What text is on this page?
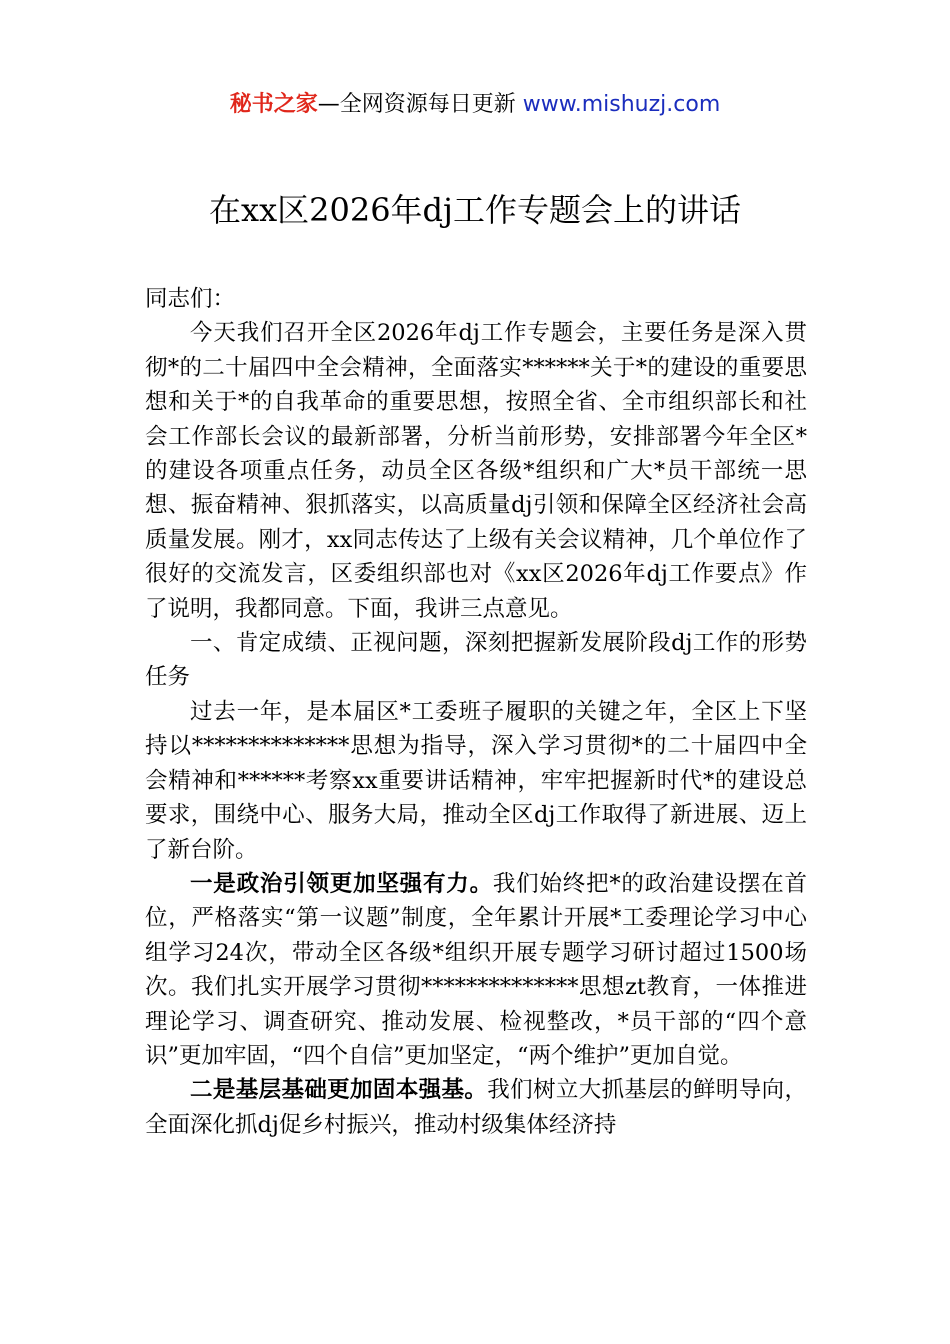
秘书之家—全网资源每日更新 www.mishuzj.com
在xx区2026年dj工作专题会上的讲话

同志们：

今天我们召开全区2026年dj工作专题会，主要任务是深入贯彻*的二十届四中全会精神，全面落实******关于*的建设的重要思想和关于*的自我革命的重要思想，按照全省、全市组织部长和社会工作部长会议的最新部署，分析当前形势，安排部署今年全区*的建设各项重点任务，动员全区各级*组织和广大*员干部统一思想、振奋精神、狠抓落实，以高质量dj引领和保障全区经济社会高质量发展。刚才，xx同志传达了上级有关会议精神，几个单位作了很好的交流发言，区委组织部也对《xx区2026年dj工作要点》作了说明，我都同意。下面，我讲三点意见。

一、肯定成绩、正视问题，深刻把握新发展阶段dj工作的形势任务

过去一年，是本届区*工委班子履职的关键之年，全区上下坚持以**************思想为指导，深入学习贯彻*的二十届四中全会精神和******考察xx重要讲话精神，牢牢把握新时代*的建设总要求，围绕中心、服务大局，推动全区dj工作取得了新进展、迈上了新台阶。

一是政治引领更加坚强有力。我们始终把*的政治建设摆在首位，严格落实“第一议题”制度，全年累计开展*工委理论学习中心组学习24次，带动全区各级*组织开展专题学习研讨超过1500场次。我们扎实开展学习贯彻**************思想zt教育，一体推进理论学习、调查研究、推动发展、检视整改，*员干部的“四个意识”更加牢固，“四个自信”更加坚定，“两个维护”更加自觉。

二是基层基础更加固本强基。我们树立大抓基层的鲜明导向，全面深化抓dj促乡村振兴，推动村级集体经济持
